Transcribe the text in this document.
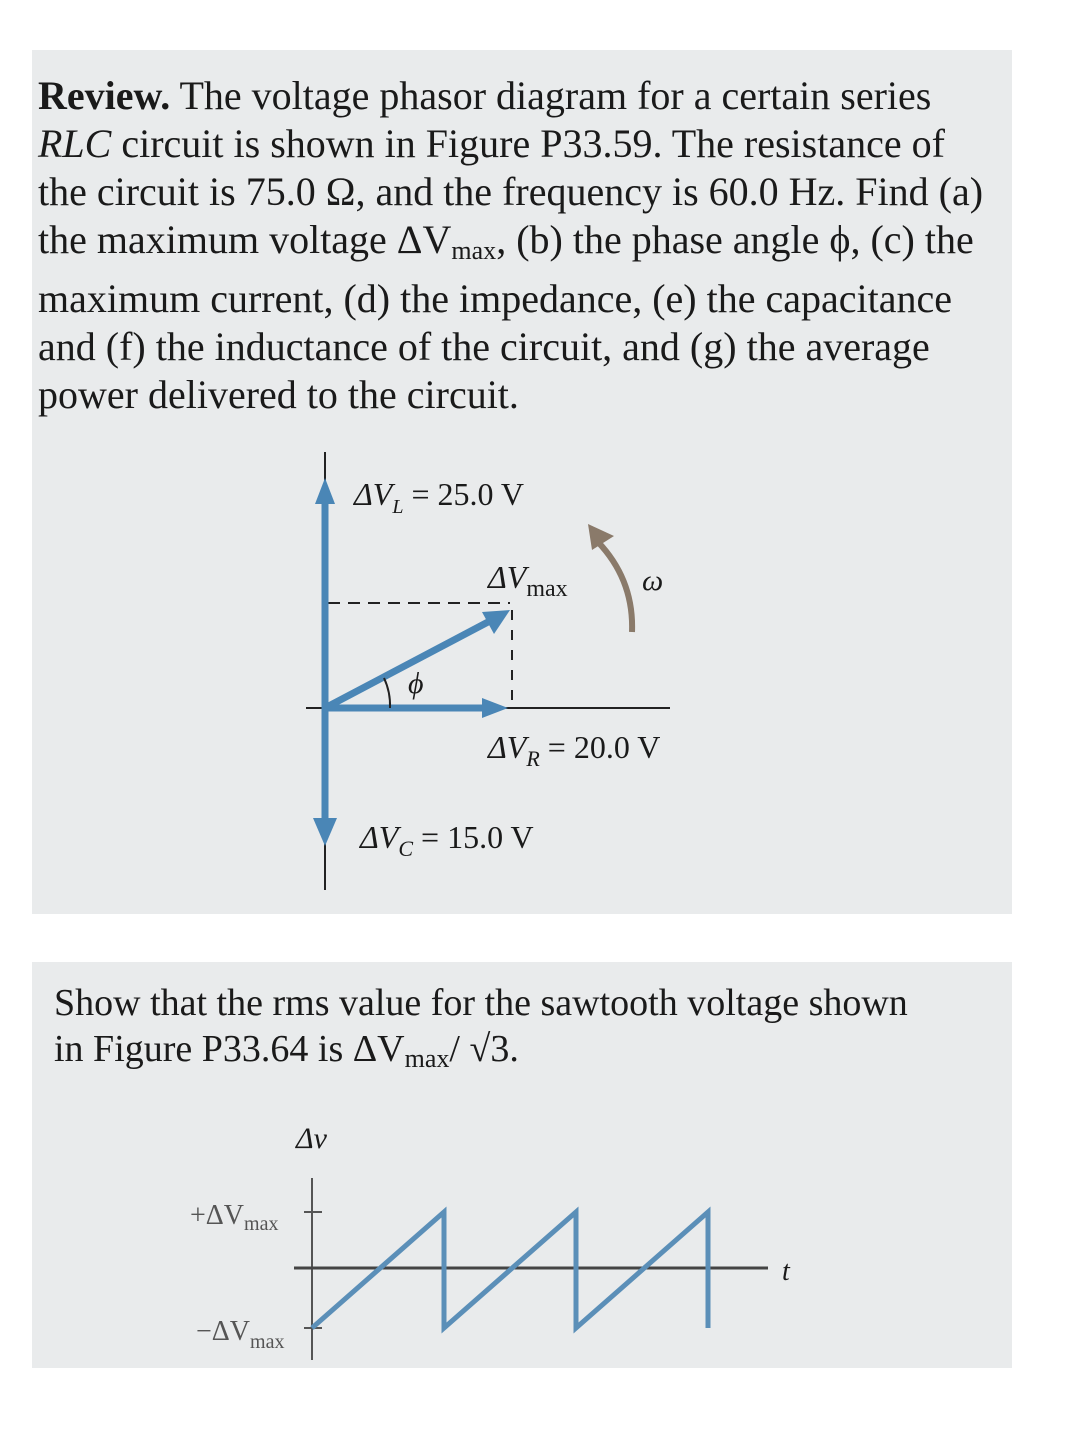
Review. The voltage phasor diagram for a certain series RLC circuit is shown in Figure P33.59. The resistance of the circuit is 75.0 Ω, and the frequency is 60.0 Hz. Find (a) the maximum voltage $\Delta V_{max}$, (b) the phase angle ϕ, (c) the maximum current, (d) the impedance, (e) the capacitance and (f) the inductance of the circuit, and (g) the average power delivered to the circuit.

$\Delta V_L = 25.0$ V
$\Delta V_{max}$ ω
ϕ
$\Delta V_R = 20.0$ V
$\Delta V_C = 15.0$ V

Show that the rms value for the sawtooth voltage shown
in Figure P33.64 is $\Delta V_{max}/$ √3.

Δv
$+\Delta V_{max}$
$-\Delta V_{max}$
t
